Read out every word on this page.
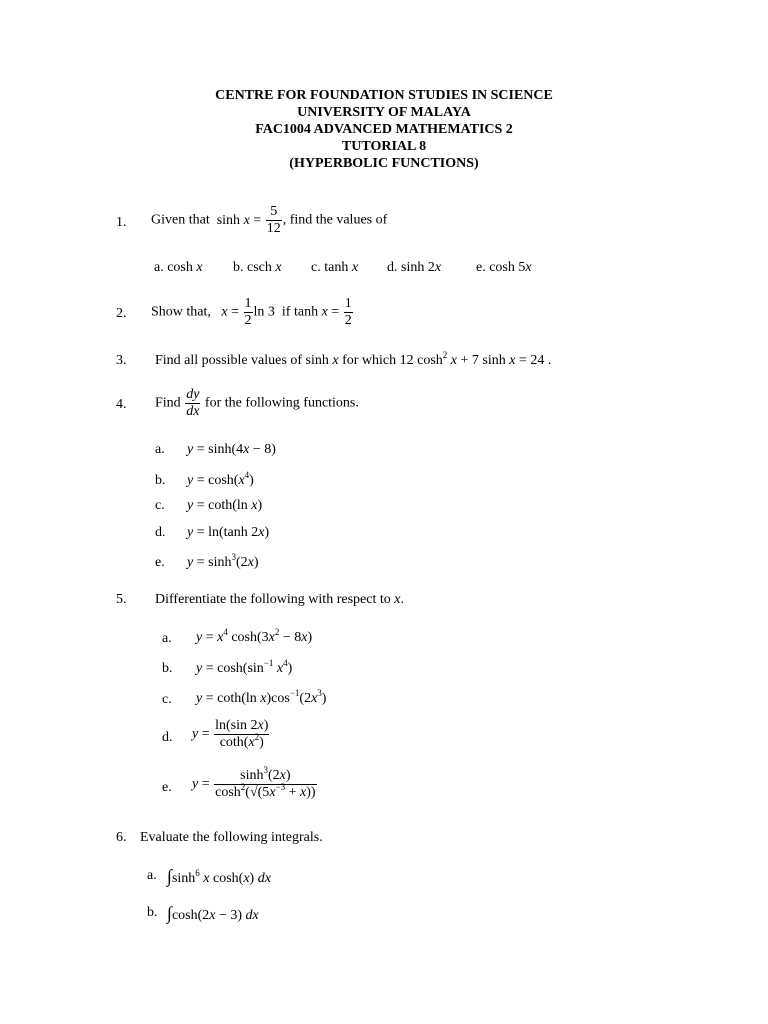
CENTRE FOR FOUNDATION STUDIES IN SCIENCE
UNIVERSITY OF MALAYA
FAC1004 ADVANCED MATHEMATICS 2
TUTORIAL 8
(HYPERBOLIC FUNCTIONS)
1. Given that $\sinh x = \frac{5}{12}$ , find the values of
a. cosh x b. csch x c. tanh x d. sinh 2x e. cosh 5x
2. Show that, $x = \frac{1}{2}$ ln 3  if $\tanh x = \frac{1}{2}$
3. Find all possible values of sinh x for which 12 $\cosh^2 x + 7$ sinh x = 24 .
4. Find $\frac{dy}{dx}$ for the following functions.
a. y = sinh(4x − 8)
b. $y = \cosh(x^4)$
c. y = coth(ln x)
d. y = ln(tanh 2x)
e. $y = \sinh^3(2x)$
5. Differentiate the following with respect to x.
a. $y = x^4$ $\cosh(3x^2 - 8x)$
b. $y = \cosh(\sin^{-1}$ $x^4$)
c. y = coth(ln $x)\cos^{-1}(2x^3)$
d. $y = \frac{\ln(\sin 2x)}{\cot h(x^2)}$
e. $y = \frac{\sinh^3(2x)}{\cosh^2(√(5x^{-3} + x))}$
6. Evaluate the following integrals.
a. $\int\sinh^6$ x cosh(x) dx
b. ∫cosh(2x − 3) dx
